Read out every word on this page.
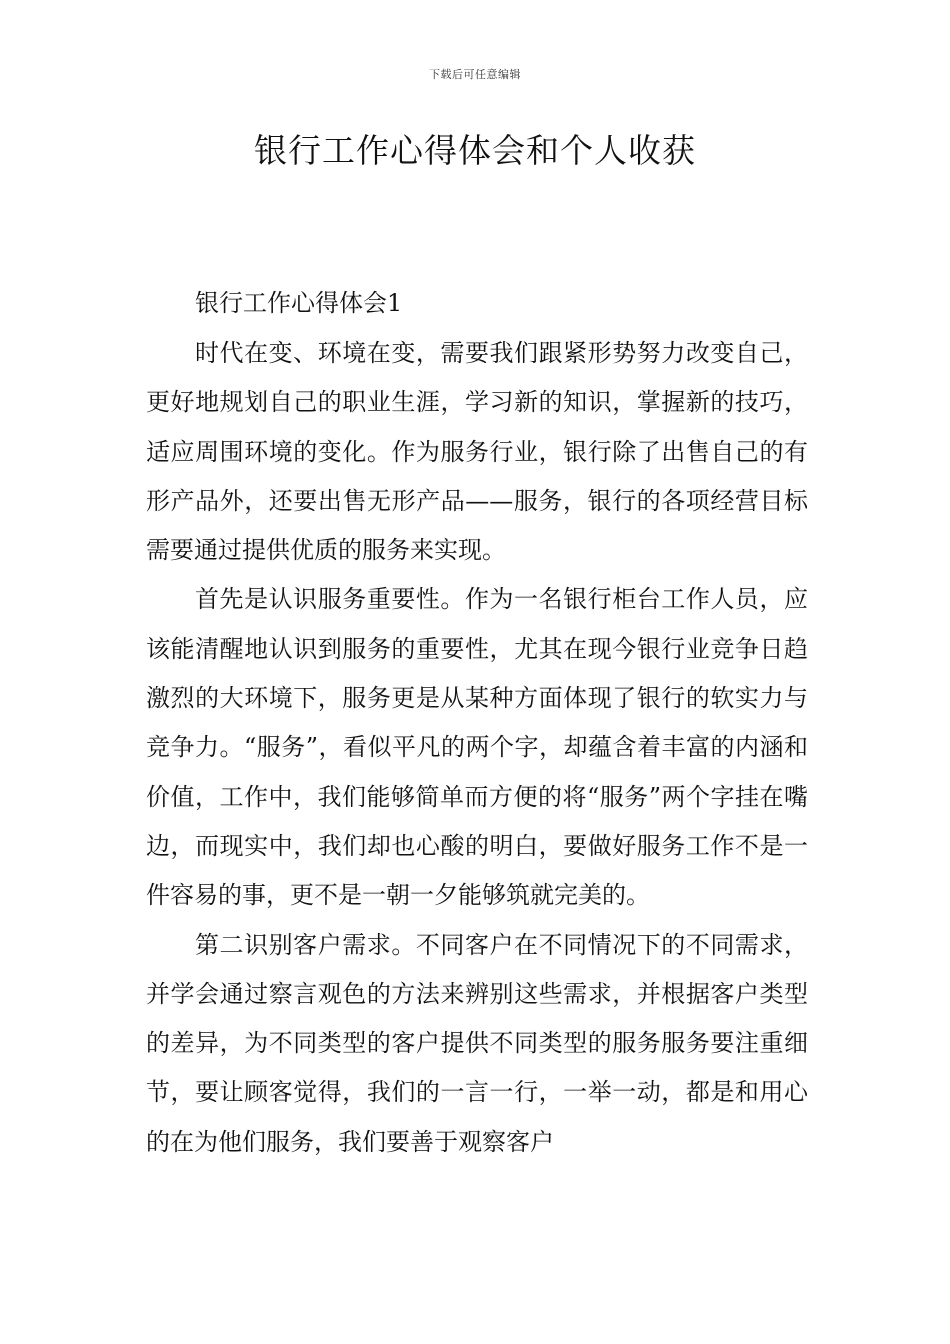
下载后可任意编辑
银行工作心得体会和个人收获
银行工作心得体会1

时代在变、环境在变，需要我们跟紧形势努力改变自己，更好地规划自己的职业生涯，学习新的知识，掌握新的技巧，适应周围环境的变化。作为服务行业，银行除了出售自己的有形产品外，还要出售无形产品——服务，银行的各项经营目标需要通过提供优质的服务来实现。

首先是认识服务重要性。作为一名银行柜台工作人员，应该能清醒地认识到服务的重要性，尤其在现今银行业竞争日趋激烈的大环境下，服务更是从某种方面体现了银行的软实力与竞争力。“服务”，看似平凡的两个字，却蕴含着丰富的内涵和价值，工作中，我们能够简单而方便的将“服务”两个字挂在嘴边，而现实中，我们却也心酸的明白，要做好服务工作不是一件容易的事，更不是一朝一夕能够筑就完美的。

第二识别客户需求。不同客户在不同情况下的不同需求，并学会通过察言观色的方法来辨别这些需求，并根据客户类型的差异，为不同类型的客户提供不同类型的服务服务要注重细节，要让顾客觉得，我们的一言一行，一举一动，都是和用心的在为他们服务，我们要善于观察客户
